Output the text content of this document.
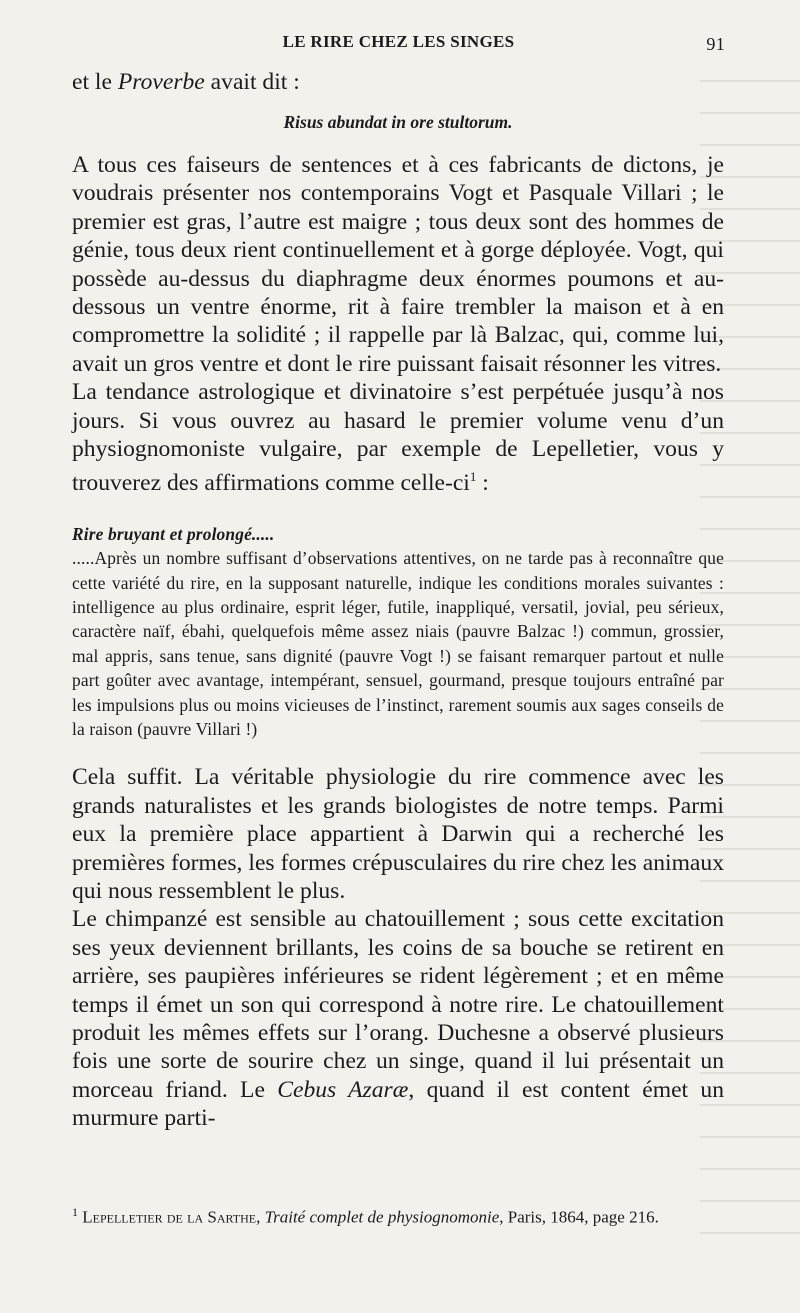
LE RIRE CHEZ LES SINGES	91

et le Proverbe avait dit :

Risus abundat in ore stultorum.

A tous ces faiseurs de sentences et à ces fabricants de dictons, je voudrais présenter nos contemporains Vogt et Pasquale Villari ; le premier est gras, l’autre est maigre ; tous deux sont des hommes de génie, tous deux rient continuellement et à gorge déployée. Vogt, qui possède au-dessus du diaphragme deux énormes poumons et au-dessous un ventre énorme, rit à faire trembler la maison et à en compromettre la solidité ; il rappelle par là Balzac, qui, comme lui, avait un gros ventre et dont le rire puissant faisait résonner les vitres.

La tendance astrologique et divinatoire s’est perpétuée jusqu’à nos jours. Si vous ouvrez au hasard le premier volume venu d’un physiognomoniste vulgaire, par exemple de Lepelletier, vous y trouverez des affirmations comme celle-$ci^1$ :

Rire bruyant et prolongé.....
.....Après un nombre suffisant d’observations attentives, on ne tarde pas à reconnaître que cette variété du rire, en la supposant naturelle, indique les conditions morales suivantes : intelligence au plus ordinaire, esprit léger, futile, inappliqué, versatil, jovial, peu sérieux, caractère naïf, ébahi, quelquefois même assez niais (pauvre Balzac !) commun, grossier, mal appris, sans tenue, sans dignité (pauvre Vogt !) se faisant remarquer partout et nulle part goûter avec avantage, intempérant, sensuel, gourmand, presque toujours entraîné par les impulsions plus ou moins vicieuses de l’instinct, rarement soumis aux sages conseils de la raison (pauvre Villari !)

Cela suffit. La véritable physiologie du rire commence avec les grands naturalistes et les grands biologistes de notre temps. Parmi eux la première place appartient à Darwin qui a recherché les premières formes, les formes crépusculaires du rire chez les animaux qui nous ressemblent le plus.

Le chimpanzé est sensible au chatouillement ; sous cette excitation ses yeux deviennent brillants, les coins de sa bouche se retirent en arrière, ses paupières inférieures se rident légèrement ; et en même temps il émet un son qui correspond à notre rire. Le chatouillement produit les mêmes effets sur l’orang. Duchesne a observé plusieurs fois une sorte de sourire chez un singe, quand il lui présentait un morceau friand. Le Cebus Azaræ, quand il est content émet un murmure parti-

$^1$ Lepelletier de la Sarthe, Traité complet de physiognomonie, Paris, 1864, page 216.
